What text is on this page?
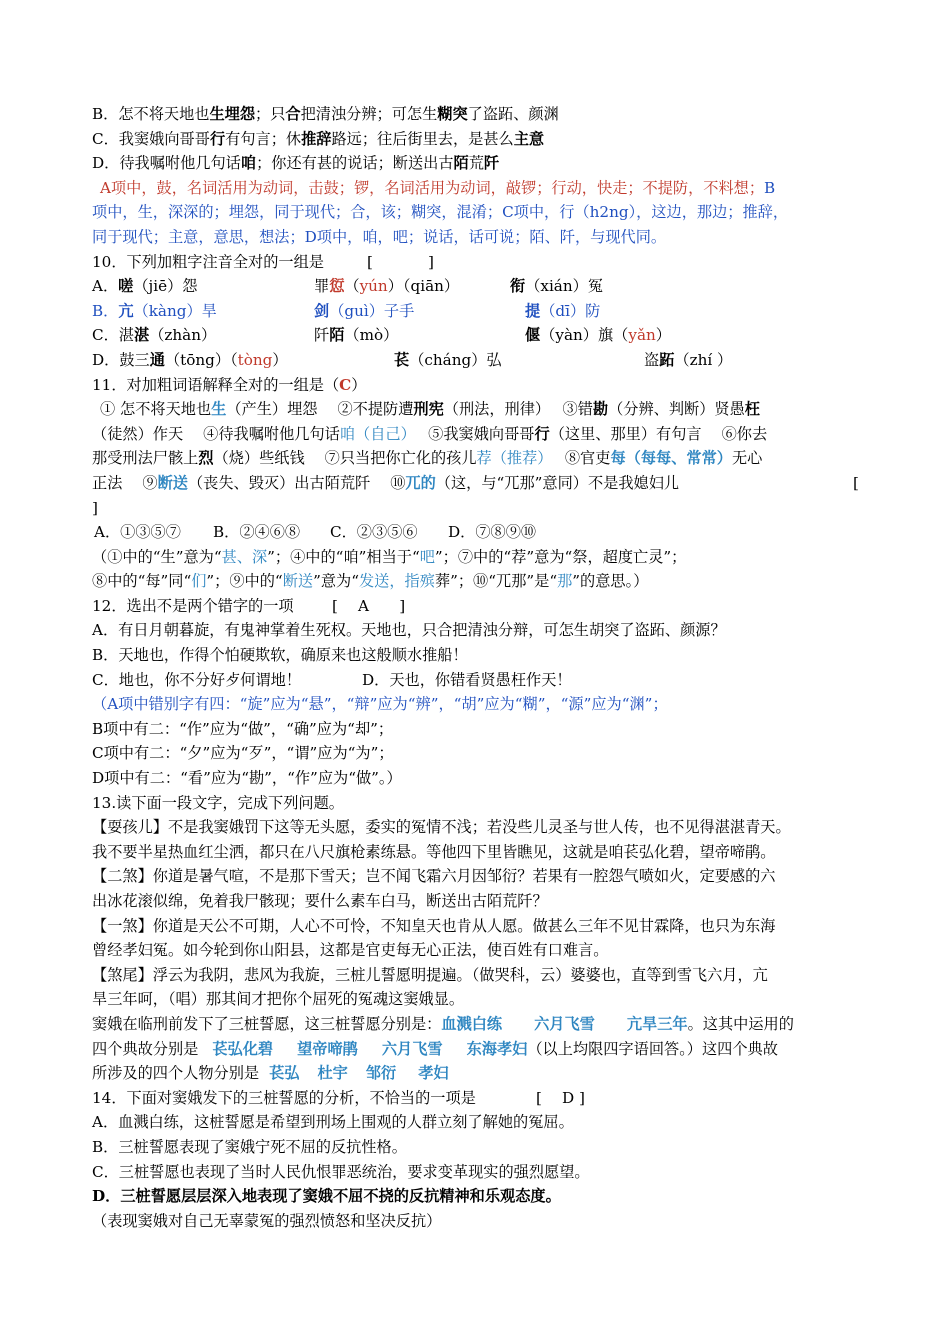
B．怎不将天地也生埋怨；只合把清浊分辨；可怎生糊突了盗跖、颜渊
C．我窦娥向哥哥行有句言；休推辞路远；往后街里去，是甚么主意
D．待我嘱咐他几句话咱；你还有甚的说话；断送出古陌荒阡
A项中，鼓，名词活用为动词，击鼓；锣，名词活用为动词，敲锣；行动，快走；不提防，不料想；B
项中，生，深深的；埋怨，同于现代；合，该；糊突，混淆；C项中，行（h2ng），这边，那边；推辞，
同于现代；主意，意思，想法；D项中，咱，吧；说话，话可说；陌、阡，与现代同。
10．下列加粗字注音全对的一组是	[	]
A．嗟（jiē）怨	罪愆（yún）（qiān）	衔（xián）冤
B．亢（kàng）旱	剑（guì）子手	提（dī）防
C．湛湛（zhàn）	阡陌（mò）	偃（yàn）旗（yǎn）
D．鼓三通（tōng）（tòng）	苌（cháng）弘	盗跖（zhí ）
11．对加粗词语解释全对的一组是（C）
① 怎不将天地也生（产生）埋怨　 ②不提防遭刑宪（刑法，刑律）　 ③错勘（分辨、判断）贤愚枉
（徒然）作天　 ④待我嘱咐他几句话咱（自己）　 ⑤我窦娥向哥哥行（这里、那里）有句言　 ⑥你去
那受刑法尸骸上烈（烧）些纸钱　 ⑦只当把你亡化的孩儿荐（推荐）　 ⑧官吏每（每每、常常）无心
正法　 ⑨断送（丧失、毁灭）出古陌荒阡　 ⑩兀的（这，与“兀那”意同）不是我媳妇儿	[
]
A．①③⑤⑦ B．②④⑥⑧ C．②③⑤⑥ D．⑦⑧⑨⑩
（①中的“生”意为“甚、深”；④中的“咱”相当于“吧”；⑦中的“荐”意为“祭，超度亡灵”；
⑧中的“每”同“们”；⑨中的“断送”意为“发送，指殡葬”；⑩“兀那”是“那”的意思。）
12．选出不是两个错字的一项	[　 A　　]
A．有日月朝暮旋，有鬼神掌着生死权。天地也，只合把清浊分辩，可怎生胡突了盗跖、颜源？
B．天地也，作得个怕硬欺软，确原来也这般顺水推船！
C．地也，你不分好歺何谓地！	D．天也，你错看贤愚枉作天！
（A项中错别字有四：“旋”应为“悬”，“辩”应为“辨”，“胡”应为“糊”，“源”应为“渊”；
B项中有二：“作”应为“做”，“确”应为“却”；
C项中有二：“夕”应为“歹”，“谓”应为“为”；
D项中有二：“看”应为“勘”，“作”应为“做”。）
13.读下面一段文字，完成下列问题。
【耍孩儿】不是我窦娥罚下这等无头愿，委实的冤情不浅；若没些儿灵圣与世人传，也不见得湛湛青天。
我不要半星热血红尘洒，都只在八尺旗枪素练悬。等他四下里皆瞧见，这就是咱苌弘化碧，望帝啼鹃。
【二煞】你道是暑气喧，不是那下雪天；岂不闻飞霜六月因邹衍？若果有一腔怨气喷如火，定要感的六
出冰花滚似绵，免着我尸骸现；要什么素车白马，断送出古陌荒阡？
【一煞】你道是天公不可期，人心不可怜，不知皇天也肯从人愿。做甚么三年不见甘霖降，也只为东海
曾经孝妇冤。如今轮到你山阳县，这都是官吏每无心正法，使百姓有口难言。
【煞尾】浮云为我阴，悲风为我旋，三桩儿誓愿明提遍。（做哭科，云）婆婆也，直等到雪飞六月，亢
旱三年呵，（唱）那其间才把你个屈死的冤魂这窦娥显。
窦娥在临刑前发下了三桩誓愿，这三桩誓愿分别是：血溅白练 六月飞雪 亢旱三年。这其中运用的
四个典故分别是 苌弘化碧 望帝啼鹃 六月飞雪 东海孝妇（以上均限四字语回答。）这四个典故
所涉及的四个人物分别是 苌弘 杜宇 邹衍 孝妇
14．下面对窦娥发下的三桩誓愿的分析，不恰当的一项是	[　 D ]
A．血溅白练，这桩誓愿是希望到刑场上围观的人群立刻了解她的冤屈。
B．三桩誓愿表现了窦娥宁死不屈的反抗性格。
C．三桩誓愿也表现了当时人民仇恨罪恶统治，要求变革现实的强烈愿望。
D．三桩誓愿层层深入地表现了窦娥不屈不挠的反抗精神和乐观态度。
（表现窦娥对自己无辜蒙冤的强烈愤怒和坚决反抗）
